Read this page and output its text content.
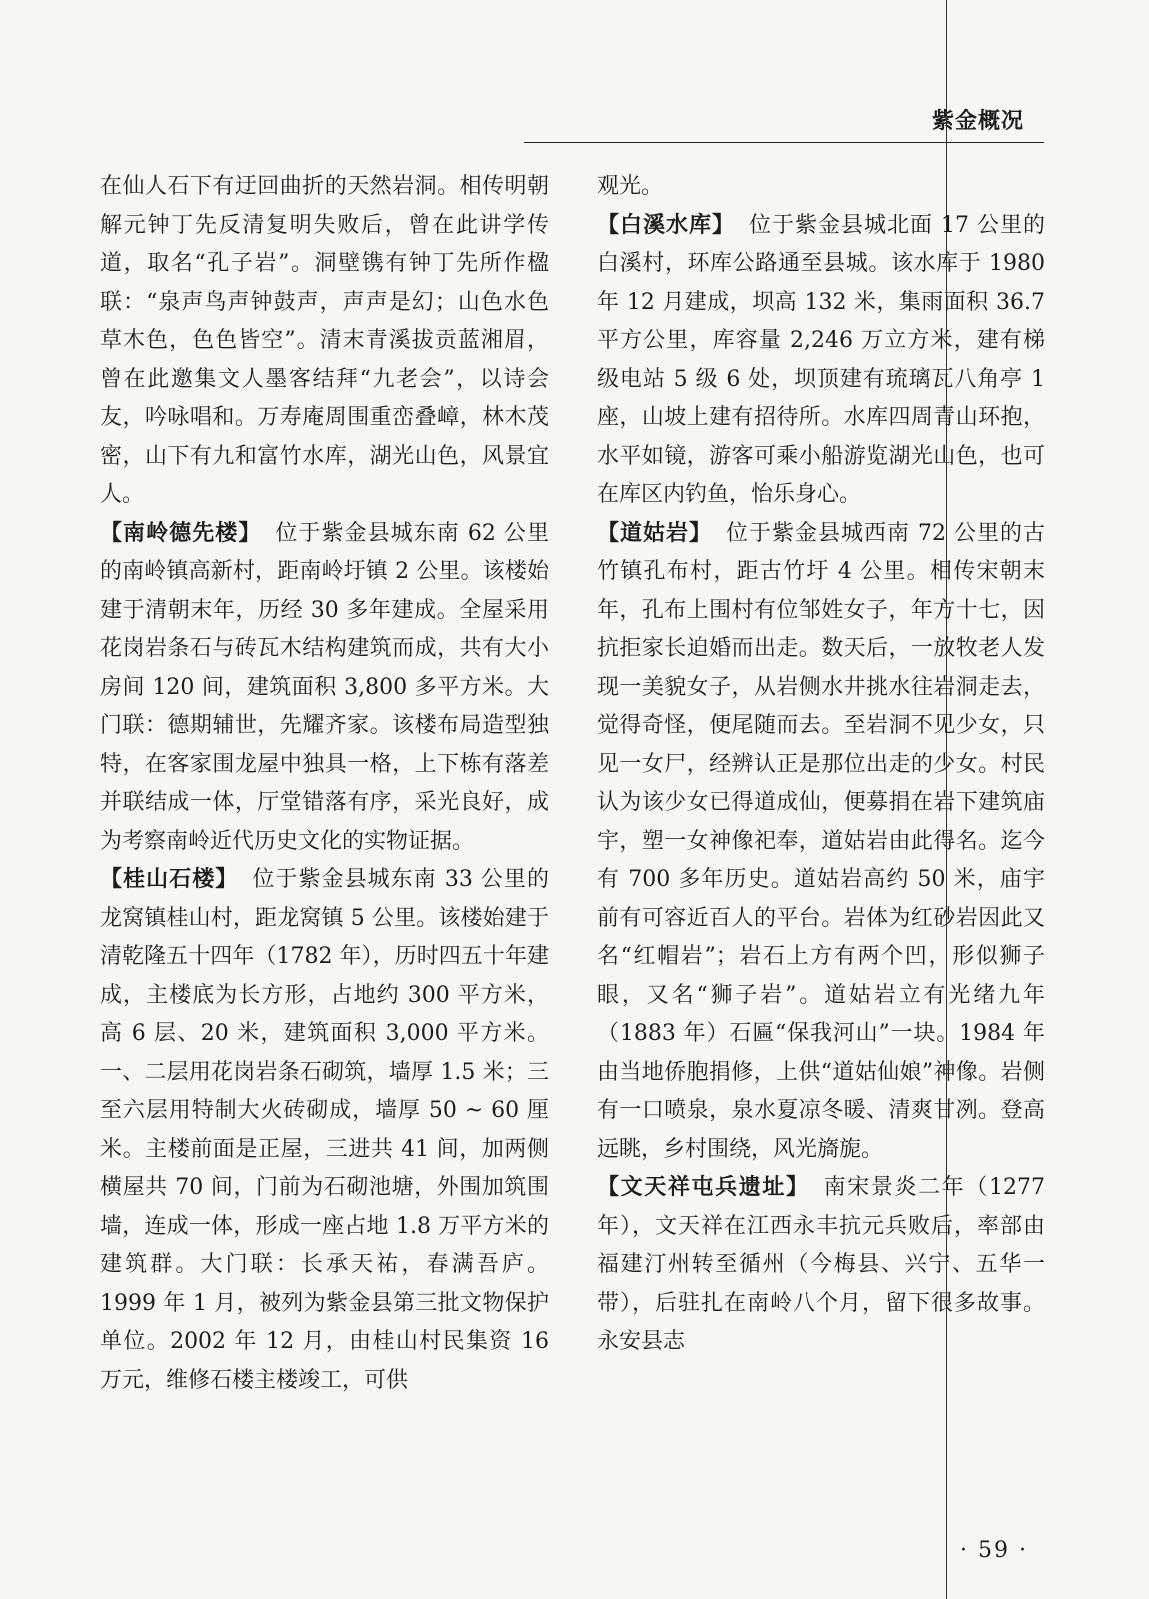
紫金概况

在仙人石下有迂回曲折的天然岩洞。相传明朝解元钟丁先反清复明失败后，曾在此讲学传道，取名“孔子岩”。洞壁镌有钟丁先所作楹联：“泉声鸟声钟鼓声，声声是幻；山色水色草木色，色色皆空”。清末青溪拔贡蓝湘眉，曾在此邀集文人墨客结拜“九老会”，以诗会友，吟咏唱和。万寿庵周围重峦叠嶂，林木茂密，山下有九和富竹水库，湖光山色，风景宜人。

【南岭德先楼】 位于紫金县城东南 62 公里的南岭镇高新村，距南岭圩镇 2 公里。该楼始建于清朝末年，历经 30 多年建成。全屋采用花岗岩条石与砖瓦木结构建筑而成，共有大小房间 120 间，建筑面积 3,800 多平方米。大门联：德期辅世，先耀齐家。该楼布局造型独特，在客家围龙屋中独具一格，上下栋有落差并联结成一体，厅堂错落有序，采光良好，成为考察南岭近代历史文化的实物证据。

【桂山石楼】 位于紫金县城东南 33 公里的龙窝镇桂山村，距龙窝镇 5 公里。该楼始建于清乾隆五十四年（1782 年），历时四五十年建成，主楼底为长方形，占地约 300 平方米，高 6 层、20 米，建筑面积 3,000 平方米。一、二层用花岗岩条石砌筑，墙厚 1.5 米；三至六层用特制大火砖砌成，墙厚 50 ~ 60 厘米。主楼前面是正屋，三进共 41 间，加两侧横屋共 70 间，门前为石砌池塘，外围加筑围墙，连成一体，形成一座占地 1.8 万平方米的建筑群。大门联：长承天祐，春满吾庐。1999 年 1 月，被列为紫金县第三批文物保护单位。2002 年 12 月，由桂山村民集资 16 万元，维修石楼主楼竣工，可供

观光。

【白溪水库】 位于紫金县城北面 17 公里的白溪村，环库公路通至县城。该水库于 1980 年 12 月建成，坝高 132 米，集雨面积 36.7 平方公里，库容量 2,246 万立方米，建有梯级电站 5 级 6 处，坝顶建有琉璃瓦八角亭 1 座，山坡上建有招待所。水库四周青山环抱，水平如镜，游客可乘小船游览湖光山色，也可在库区内钓鱼，怡乐身心。

【道姑岩】 位于紫金县城西南 72 公里的古竹镇孔布村，距古竹圩 4 公里。相传宋朝末年，孔布上围村有位邹姓女子，年方十七，因抗拒家长迫婚而出走。数天后，一放牧老人发现一美貌女子，从岩侧水井挑水往岩洞走去，觉得奇怪，便尾随而去。至岩洞不见少女，只见一女尸，经辨认正是那位出走的少女。村民认为该少女已得道成仙，便募捐在岩下建筑庙宇，塑一女神像祀奉，道姑岩由此得名。迄今有 700 多年历史。道姑岩高约 50 米，庙宇前有可容近百人的平台。岩体为红砂岩因此又名“红帽岩”；岩石上方有两个凹，形似狮子眼，又名“狮子岩”。道姑岩立有光绪九年（1883 年）石匾“保我河山”一块。1984 年由当地侨胞捐修，上供“道姑仙娘”神像。岩侧有一口喷泉，泉水夏凉冬暖、清爽甘冽。登高远眺，乡村围绕，风光旖旎。

【文天祥屯兵遗址】 南宋景炎二年（1277 年），文天祥在江西永丰抗元兵败后，率部由福建汀州转至循州（今梅县、兴宁、五华一带），后驻扎在南岭八个月，留下很多故事。永安县志

· 59 ·
